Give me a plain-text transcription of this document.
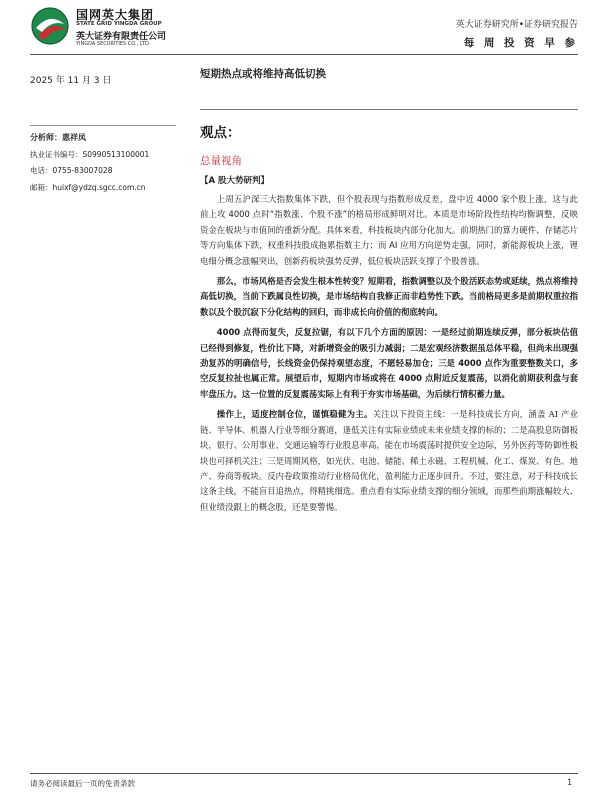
国网英大集团
STATE GRID YINGDA GROUP
英大证券有限责任公司
YINGDA SECURITIES CO., LTD.
英大证券研究所•证券研究报告
每 周 投 资 早 参
2025 年 11 月 3 日
短期热点或将维持高低切换
分析师：惠祥凤
执业证书编号：S0990513100001
电话：0755-83007028
邮箱：huixf@ydzq.sgcc.com.cn
观点：
总量视角
【A 股大势研判】

上周五沪深三大指数集体下跌，但个股表现与指数形成反差，盘中近 4000 家个股上涨，这与此前上攻 4000 点时“指数涨、个股不涨”的格局形成鲜明对比。本质是市场阶段性结构均衡调整，反映资金在板块与市值间的重新分配。具体来看，科技板块内部分化加大。前期热门的算力硬件、存储芯片等方向集体下跌，权重科技股成拖累指数主力；而 AI 应用方向逆势走强，同时，新能源板块上涨，锂电细分概念涨幅突出，创新药板块强势反弹，低位板块活跃支撑了个股普涨。

那么，市场风格是否会发生根本性转变？短期看，指数调整以及个股活跃态势或延续，热点将维持高低切换，当前下跌属良性切换，是市场结构自我修正而非趋势性下跌。当前格局更多是前期权重拉指数以及个股沉寂下分化结构的回归，而非成长向价值的彻底转向。

4000 点得而复失，反复拉锯，有以下几个方面的原因：一是经过前期连续反弹，部分板块估值已经得到修复，性价比下降，对新增资金的吸引力减弱；二是宏观经济数据虽总体平稳，但尚未出现强劲复苏的明确信号，长线资金仍保持观望态度，不愿轻易加仓；三是 4000 点作为重要整数关口，多空反复拉扯也属正常。展望后市，短期内市场或将在 4000 点附近反复震荡，以消化前期获利盘与套牢盘压力。这一位置的反复震荡实际上有利于夯实市场基础，为后续行情积蓄力量。

操作上，适度控制仓位，谨慎稳健为主。关注以下投资主线：一是科技成长方向，涵盖 AI 产业链、半导体、机器人行业等细分赛道，逢低关注有实际业绩或未来业绩支撑的标的；二是高股息防御板块，银行、公用事业、交通运输等行业股息率高，能在市场震荡时提供安全边际，另外医药等防御性板块也可择机关注；三是周期风格，如光伏、电池、储能、稀土永磁、工程机械、化工、煤炭、有色、地产、券商等板块。反内卷政策推动行业格局优化，盈利能力正逐步回升。不过，要注意，对于科技成长这条主线，不能盲目追热点，得精挑细选。重点看有实际业绩支撑的细分领域，而那些前期涨幅较大、但业绩没跟上的概念股，还是要警惕。

请务必阅读最后一页的免责条款	1
